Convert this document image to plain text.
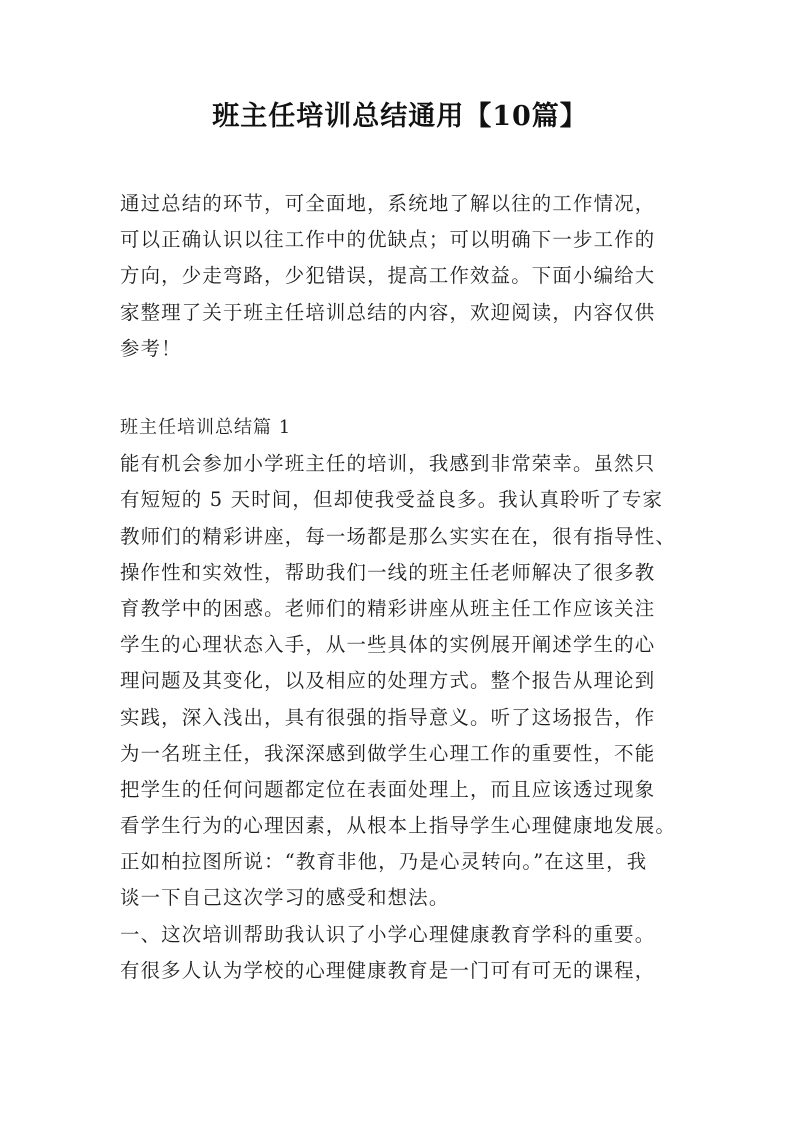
班主任培训总结通用【10篇】
通过总结的环节，可全面地，系统地了解以往的工作情况，
可以正确认识以往工作中的优缺点；可以明确下一步工作的
方向，少走弯路，少犯错误，提高工作效益。下面小编给大
家整理了关于班主任培训总结的内容，欢迎阅读，内容仅供
参考！
班主任培训总结篇 1
能有机会参加小学班主任的培训，我感到非常荣幸。虽然只
有短短的 5 天时间，但却使我受益良多。我认真聆听了专家
教师们的精彩讲座，每一场都是那么实实在在，很有指导性、
操作性和实效性，帮助我们一线的班主任老师解决了很多教
育教学中的困惑。老师们的精彩讲座从班主任工作应该关注
学生的心理状态入手，从一些具体的实例展开阐述学生的心
理问题及其变化，以及相应的处理方式。整个报告从理论到
实践，深入浅出，具有很强的指导意义。听了这场报告，作
为一名班主任，我深深感到做学生心理工作的重要性，不能
把学生的任何问题都定位在表面处理上，而且应该透过现象
看学生行为的心理因素，从根本上指导学生心理健康地发展。
正如柏拉图所说：“教育非他，乃是心灵转向。”在这里，我
谈一下自己这次学习的感受和想法。
一、这次培训帮助我认识了小学心理健康教育学科的重要。
有很多人认为学校的心理健康教育是一门可有可无的课程，
